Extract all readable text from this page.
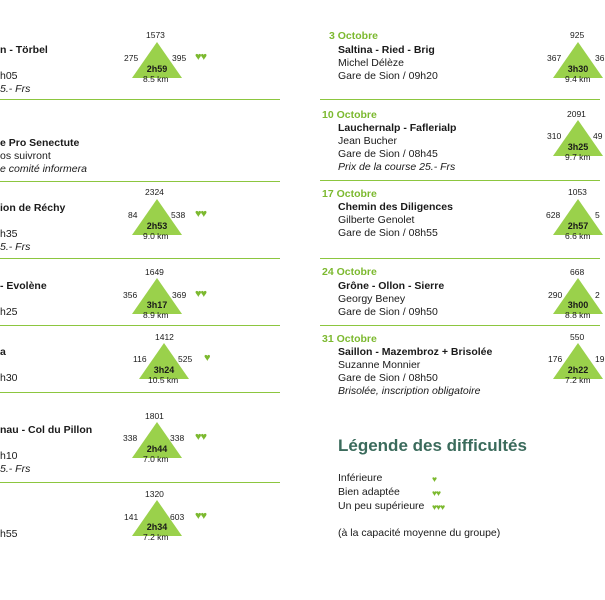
n - Törbel
h05
5.- Frs
1573
275	395
2h59
8.5 km
♥♥
e Pro Senectute
os suivront
e comité informera
ion de Réchy
h35
5.- Frs
2324
84	538
2h53
9.0 km
♥♥
- Evolène
h25
1649
356	369
3h17
8.9 km
♥♥
a
h30
1412
116	525
3h24
10.5 km
♥
nau - Col du Pillon
h10
5.- Frs
1801
338	338
2h44
7.0 km
♥♥
h55
1320
141	603
2h34
7.2 km
♥♥
3 Octobre
Saltina - Ried - Brig
Michel Délèze
Gare de Sion / 09h20
925
367	36
3h30
9.4 km
10 Octobre
Lauchernalp - Faflerialp
Jean Bucher
Gare de Sion / 08h45
Prix de la course 25.- Frs
2091
310	49
3h25
9.7 km
17 Octobre
Chemin des Diligences
Gilberte Genolet
Gare de Sion / 08h55
1053
628	5
2h57
6.6 km
24 Octobre
Grône - Ollon - Sierre
Georgy Beney
Gare de Sion / 09h50
668
290	2
3h00
8.8 km
31 Octobre
Saillon - Mazembroz + Brisolée
Suzanne Monnier
Gare de Sion / 08h50
Brisolée, inscription obligatoire
550
176	19
2h22
7.2 km
Légende des difficultés
Inférieure	♥
Bien adaptée	♥♥
Un peu supérieure ♥♥♥
(à la capacité moyenne du groupe)
